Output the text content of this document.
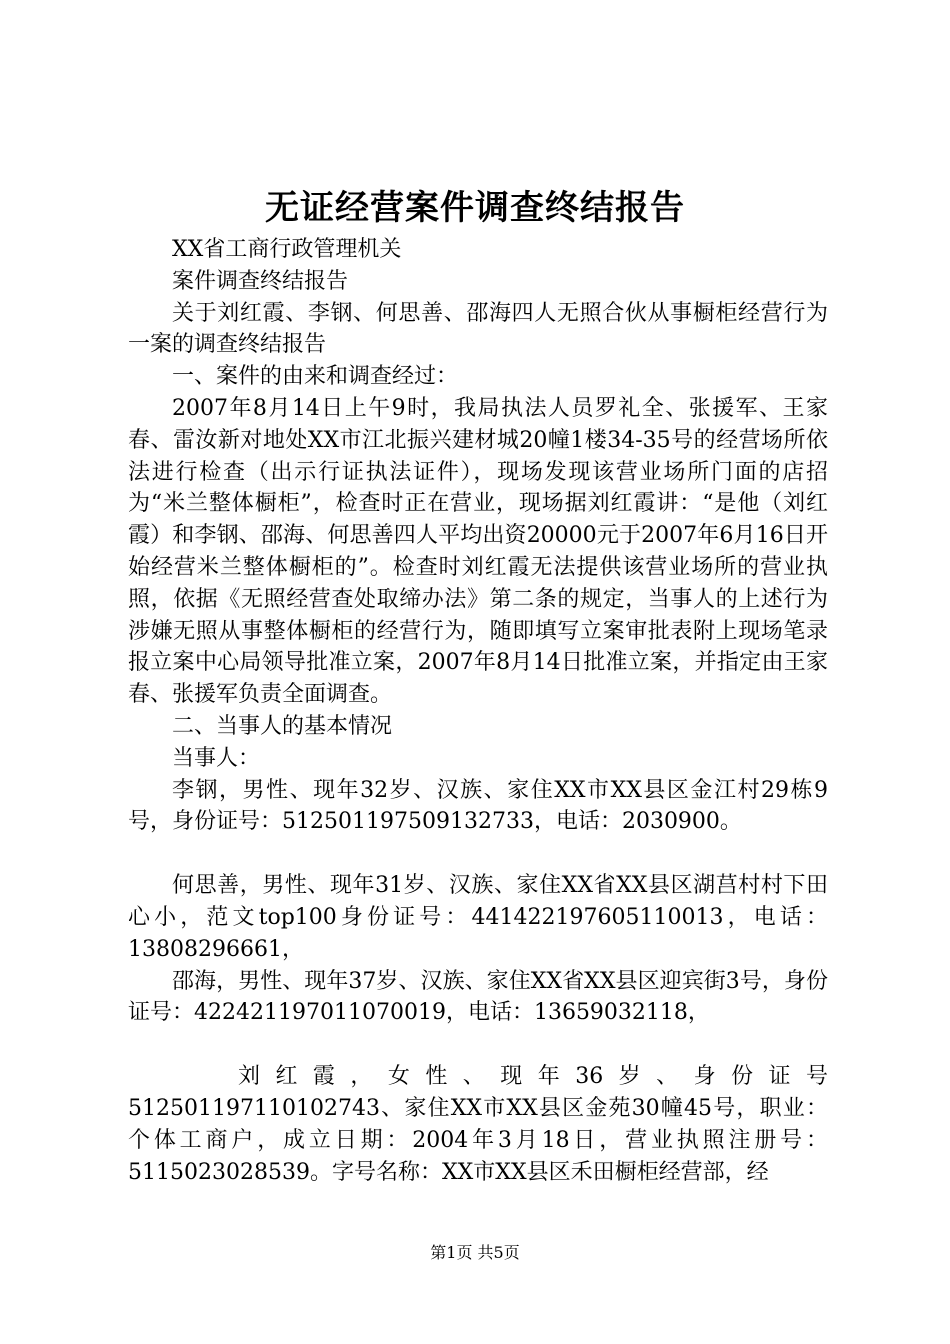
无证经营案件调查终结报告

XX省工商行政管理机关

案件调查终结报告

关于刘红霞、李钢、何思善、邵海四人无照合伙从事橱柜经营行为一案的调查终结报告

一、案件的由来和调查经过：

2007年8月14日上午9时，我局执法人员罗礼全、张援军、王家春、雷汝新对地处XX市江北振兴建材城20幢1楼34-35号的经营场所依法进行检查（出示行证执法证件），现场发现该营业场所门面的店招为“米兰整体橱柜”，检查时正在营业，现场据刘红霞讲：“是他（刘红霞）和李钢、邵海、何思善四人平均出资20000元于2007年6月16日开始经营米兰整体橱柜的”。检查时刘红霞无法提供该营业场所的营业执照，依据《无照经营查处取缔办法》第二条的规定，当事人的上述行为涉嫌无照从事整体橱柜的经营行为，随即填写立案审批表附上现场笔录报立案中心局领导批准立案，2007年8月14日批准立案，并指定由王家春、张援军负责全面调查。

二、当事人的基本情况

当事人：

李钢，男性、现年32岁、汉族、家住XX市XX县区金江村29栋9号，身份证号：512501197509132733，电话：2030900。

何思善，男性、现年31岁、汉族、家住XX省XX县区湖莒村村下田心小，范文top100身份证号：441422197605110013，电话：13808296661，

邵海，男性、现年37岁、汉族、家住XX省XX县区迎宾街3号，身份证号：422421197011070019，电话：13659032118，

刘红霞，女性、现年36岁、身份证号

512501197110102743、家住XX市XX县区金苑30幢45号，职业：个体工商户，成立日期：2004年3月18日，营业执照注册号：5115023028539。字号名称：XX市XX县区禾田橱柜经营部，经

第1页 共5页
